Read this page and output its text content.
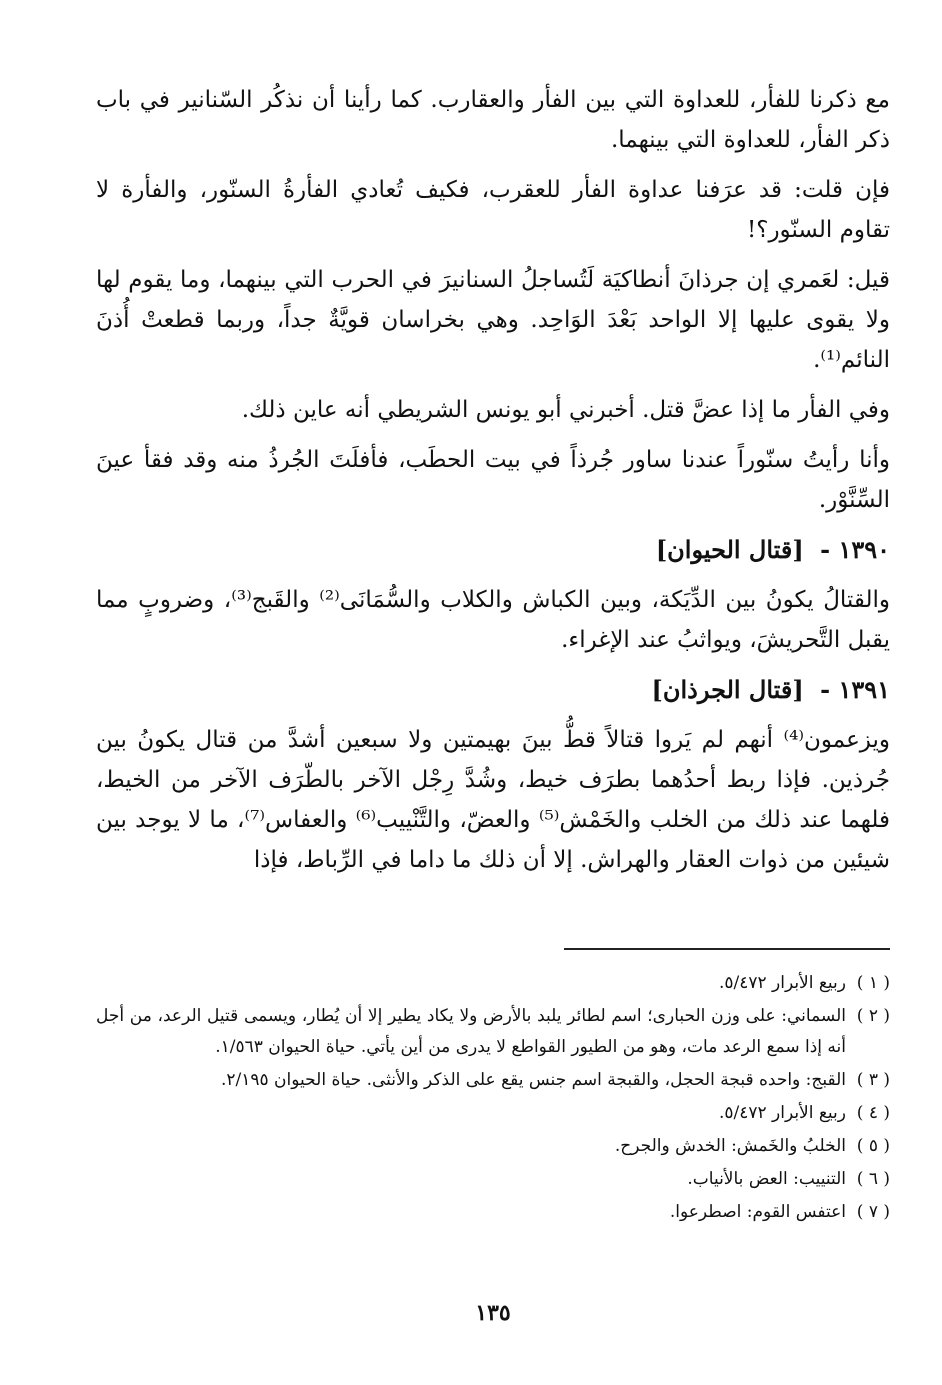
مع ذكرنا للفأر، للعداوة التي بين الفأر والعقارب. كما رأينا أن نذكُر السّنانير في باب ذكر الفأر، للعداوة التي بينهما.

فإن قلت: قد عرَفنا عداوة الفأر للعقرب، فكيف تُعادي الفأرةُ السنّور، والفأرة لا تقاوم السنّور؟!

قيل: لعَمري إن جرذانَ أنطاكيَة لَتُساجلُ السنانيرَ في الحرب التي بينهما، وما يقوم لها ولا يقوى عليها إلا الواحد بَعْدَ الوَاحِد. وهي بخراسان قويَّةٌ جداً، وربما قطعتْ أُذنَ النائم⁽¹⁾.

وفي الفأر ما إذا عضَّ قتل. أخبرني أبو يونس الشريطي أنه عاين ذلك.

وأنا رأيتُ سنّوراً عندنا ساور جُرذاً في بيت الحطَب، فأفلَتَ الجُرذُ منه وقد فقأ عينَ السِّنَّوْر.

١٣٩٠ - [قتال الحيوان]

والقتالُ يكونُ بين الدِّيَكة، وبين الكباش والكلاب والسُّمَانَى⁽²⁾ والقَبج⁽³⁾، وضروبٍ مما يقبل التَّحريشَ، ويواثبُ عند الإغراء.

١٣٩١ - [قتال الجرذان]

ويزعمون⁽⁴⁾ أنهم لم يَروا قتالاً قطُّ بينَ بهيمتين ولا سبعين أشدَّ من قتال يكونُ بين جُرذين. فإذا ربط أحدُهما بطرَف خيط، وشُدَّ رِجْل الآخر بالطّرَف الآخر من الخيط، فلهما عند ذلك من الخلب والخَمْش⁽⁵⁾ والعضّ، والتَّنْييب⁽⁶⁾ والعفاس⁽⁷⁾، ما لا يوجد بين شيئين من ذوات العقار والهراش. إلا أن ذلك ما داما في الرِّباط، فإذا

( ١ )
ربيع الأبرار ٥/٤٧٢.
( ٢ )
السماني: على وزن الحبارى؛ اسم لطائر يلبد بالأرض ولا يكاد يطير إلا أن يُطار، ويسمى قتيل الرعد، من أجل أنه إذا سمع الرعد مات، وهو من الطيور القواطع لا يدرى من أين يأتي. حياة الحيوان ١/٥٦٣.
( ٣ )
القبج: واحده قبجة الحجل، والقبجة اسم جنس يقع على الذكر والأنثى. حياة الحيوان ٢/١٩٥.
( ٤ )
ربيع الأبرار ٥/٤٧٢.
( ٥ )
الخلبُ والخَمش: الخدش والجرح.
( ٦ )
التنييب: العض بالأنياب.
( ٧ )
اعتفس القوم: اصطرعوا.
١٣٥
